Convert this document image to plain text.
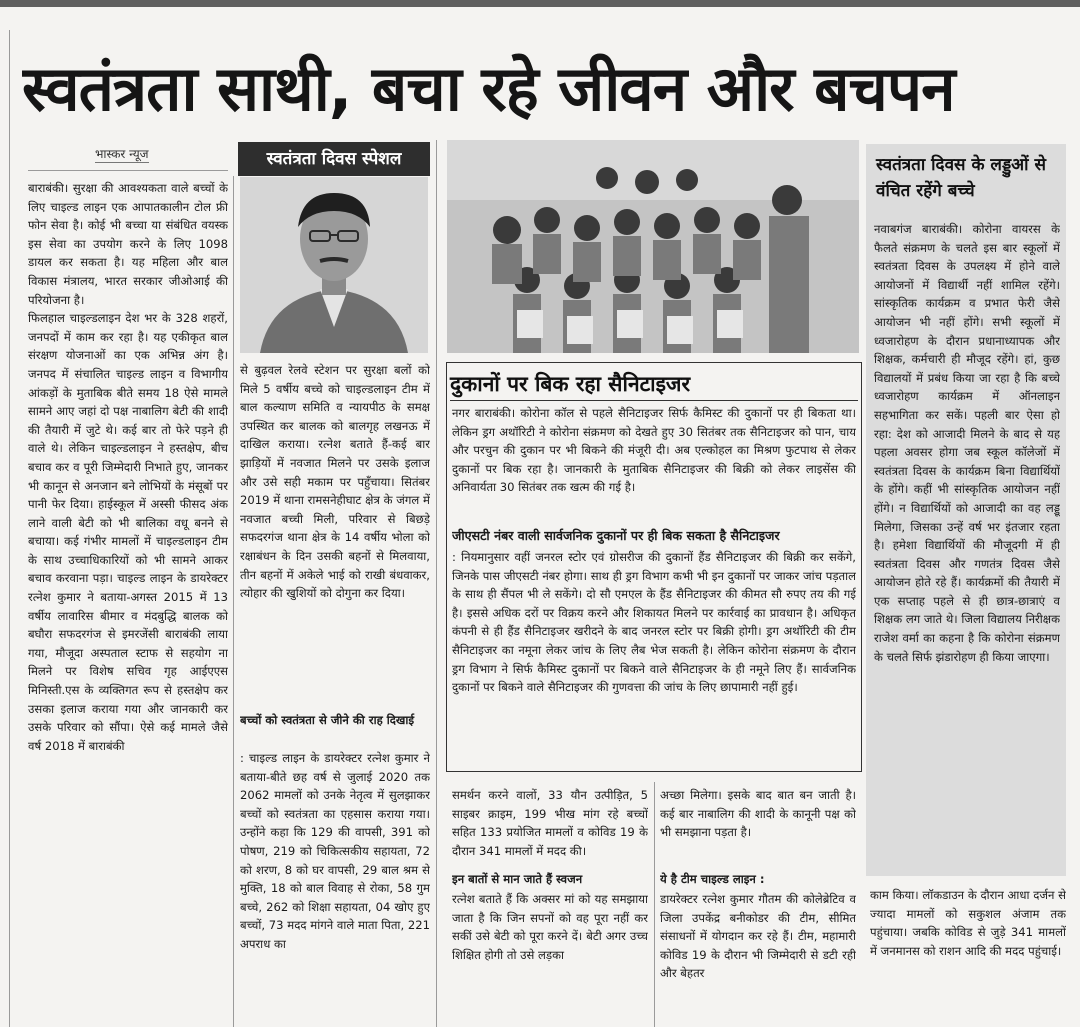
स्वतंत्रता साथी, बचा रहे जीवन और बचपन
भास्कर न्यूज
बाराबंकी। सुरक्षा की आवश्यकता वाले बच्चों के लिए चाइल्ड लाइन एक आपातकालीन टोल फ्री फोन सेवा है। कोई भी बच्चा या संबंधित वयस्क इस सेवा का उपयोग करने के लिए 1098 डायल कर सकता है। यह महिला और बाल विकास मंत्रालय, भारत सरकार जीओआई की परियोजना है।
फिलहाल चाइल्डलाइन देश भर के 328 शहरों, जनपदों में काम कर रहा है। यह एकीकृत बाल संरक्षण योजनाओं का एक अभिन्न अंग है। जनपद में संचालित चाइल्ड लाइन व विभागीय आंकड़ों के मुताबिक बीते समय 18 ऐसे मामले सामने आए जहां दो पक्ष नाबालिग बेटी की शादी की तैयारी में जुटे थे। कई बार तो फेरे पड़ने ही वाले थे। लेकिन चाइल्डलाइन ने हस्तक्षेप, बीच बचाव कर व पूरी जिम्मेदारी निभाते हुए, जानकर भी कानून से अनजान बने लोभियों के मंसूबों पर पानी फेर दिया। हाईस्कूल में अस्सी फीसद अंक लाने वाली बेटी को भी बालिका वधू बनने से बचाया। कई गंभीर मामलों में चाइल्डलाइन टीम के साथ उच्चाधिकारियों को भी सामने आकर बचाव करवाना पड़ा। चाइल्ड लाइन के डायरेक्टर रत्नेश कुमार ने बताया-अगस्त 2015 में 13 वर्षीय लावारिस बीमार व मंदबुद्धि बालक को बघौरा सफदरगंज से इमरजेंसी बाराबंकी लाया गया, मौजूदा अस्पताल स्टाफ से सहयोग ना मिलने पर विशेष सचिव गृह आईएएस मिनिस्ती.एस के व्यक्तिगत रूप से हस्तक्षेप कर उसका इलाज कराया गया और जानकारी कर उसके परिवार को सौंपा। ऐसे कई मामले जैसे वर्ष 2018 में बाराबंकी
स्वतंत्रता दिवस स्पेशल
से बुढ़वल रेलवे स्टेशन पर सुरक्षा बलों को मिले 5 वर्षीय बच्चे को चाइल्डलाइन टीम में बाल कल्याण समिति व न्यायपीठ के समक्ष उपस्थित कर बालक को बालगृह लखनऊ में दाखिल कराया। रत्नेश बताते हैं-कई बार झाड़ियों में नवजात मिलने पर उसके इलाज और उसे सही मकाम पर पहुँचाया। सितंबर 2019 में थाना रामसनेहीघाट क्षेत्र के जंगल में नवजात बच्ची मिली, परिवार से बिछड़े सफदरगंज थाना क्षेत्र के 14 वर्षीय भोला को रक्षाबंधन के दिन उसकी बहनों से मिलवाया, तीन बहनों में अकेले भाई को राखी बंधवाकर, त्योहार की खुशियों को दोगुना कर दिया।
बच्चों को स्वतंत्रता से जीने की राह दिखाई
: चाइल्ड लाइन के डायरेक्टर रत्नेश कुमार ने बताया-बीते छह वर्ष से जुलाई 2020 तक 2062 मामलों को उनके नेतृत्व में सुलझाकर बच्चों को स्वतंत्रता का एहसास कराया गया। उन्होंने कहा कि 129 की वापसी, 391 को पोषण, 219 को चिकित्सकीय सहायता, 72 को शरण, 8 को घर वापसी, 29 बाल श्रम से मुक्ति, 18 को बाल विवाह से रोका, 58 गुम बच्चे, 262 को शिक्षा सहायता, 04 खोए हुए बच्चों, 73 मदद मांगने वाले माता पिता, 221 अपराध का
दुकानों पर बिक रहा सैनिटाइजर
नगर बाराबंकी। कोरोना कॉल से पहले सैनिटाइजर सिर्फ कैमिस्ट की दुकानों पर ही बिकता था। लेकिन ड्रग अथॉरिटी ने कोरोना संक्रमण को देखते हुए 30 सितंबर तक सैनिटाइजर को पान, चाय और परचुन की दुकान पर भी बिकने की मंजूरी दी। अब एल्कोहल का मिश्रण फुटपाथ से लेकर दुकानों पर बिक रहा है। जानकारी के मुताबिक सैनिटाइजर की बिक्री को लेकर लाइसेंस की अनिवार्यता 30 सितंबर तक खत्म की गई है।
जीएसटी नंबर वाली सार्वजनिक दुकानों पर ही बिक सकता है सैनिटाइजर
: नियमानुसार वहीं जनरल स्टोर एवं ग्रोसरीज की दुकानों हैंड सैनिटाइजर की बिक्री कर सकेंगे, जिनके पास जीएसटी नंबर होगा। साथ ही ड्रग विभाग कभी भी इन दुकानों पर जाकर जांच पड़ताल के साथ ही सैंपल भी ले सकेंगे। दो सौ एमएल के हैंड सैनिटाइजर की कीमत सौ रुपए तय की गई है। इससे अधिक दरों पर विक्रय करने और शिकायत मिलने पर कार्रवाई का प्रावधान है। अधिकृत कंपनी से ही हैंड सैनिटाइजर खरीदने के बाद जनरल स्टोर पर बिक्री होगी। ड्रग अथॉरिटी की टीम सैनिटाइजर का नमूना लेकर जांच के लिए लैब भेज सकती है। लेकिन कोरोना संक्रमण के दौरान ड्रग विभाग ने सिर्फ कैमिस्ट दुकानों पर बिकने वाले सैनिटाइजर के ही नमूने लिए हैं। सार्वजनिक दुकानों पर बिकने वाले सैनिटाइजर की गुणवत्ता की जांच के लिए छापामारी नहीं हुई।
समर्थन करने वालों, 33 यौन उत्पीड़ित, 5 साइबर क्राइम, 199 भीख मांग रहे बच्चों सहित 133 प्रयोजित मामलों व कोविड 19 के दौरान 341 मामलों में मदद की।
इन बातों से मान जाते हैं स्वजन
रत्नेश बताते हैं कि अक्सर मां को यह समझाया जाता है कि जिन सपनों को वह पूरा नहीं कर सकीं उसे बेटी को पूरा करने दें। बेटी अगर उच्च शिक्षित होगी तो उसे लड़का
अच्छा मिलेगा। इसके बाद बात बन जाती है। कई बार नाबालिग की शादी के कानूनी पक्ष को भी समझाना पड़ता है।
ये है टीम चाइल्ड लाइन :
डायरेक्टर रत्नेश कुमार गौतम की कोलेब्रेटिव व जिला उपकेंद्र बनीकोडर की टीम, सीमित संसाधनों में योगदान कर रहे हैं। टीम, महामारी कोविड 19 के दौरान भी जिम्मेदारी से डटी रही और बेहतर
स्वतंत्रता दिवस के लड्डुओं से वंचित रहेंगे बच्चे
नवाबगंज बाराबंकी। कोरोना वायरस के फैलते संक्रमण के चलते इस बार स्कूलों में स्वतंत्रता दिवस के उपलक्ष्य में होने वाले आयोजनों में विद्यार्थी नहीं शामिल रहेंगे। सांस्कृतिक कार्यक्रम व प्रभात फेरी जैसे आयोजन भी नहीं होंगे। सभी स्कूलों में ध्वजारोहण के दौरान प्रधानाध्यापक और शिक्षक, कर्मचारी ही मौजूद रहेंगे। हां, कुछ विद्यालयों में प्रबंध किया जा रहा है कि बच्चे ध्वजारोहण कार्यक्रम में ऑनलाइन सहभागिता कर सकें। पहली बार ऐसा हो रहा: देश को आजादी मिलने के बाद से यह पहला अवसर होगा जब स्कूल कॉलेजों में स्वतंत्रता दिवस के कार्यक्रम बिना विद्यार्थियों के होंगे। कहीं भी सांस्कृतिक आयोजन नहीं होंगे। न विद्यार्थियों को आजादी का वह लड्डू मिलेगा, जिसका उन्हें वर्ष भर इंतजार रहता है। हमेशा विद्यार्थियों की मौजूदगी में ही स्वतंत्रता दिवस और गणतंत्र दिवस जैसे आयोजन होते रहे हैं। कार्यक्रमों की तैयारी में एक सप्ताह पहले से ही छात्र-छात्राएं व शिक्षक लग जाते थे। जिला विद्यालय निरीक्षक राजेश वर्मा का कहना है कि कोरोना संक्रमण के चलते सिर्फ झंडारोहण ही किया जाएगा।
काम किया। लॉकडाउन के दौरान आधा दर्जन से ज्यादा मामलों को सकुशल अंजाम तक पहुंचाया। जबकि कोविड से जुड़े 341 मामलों में जनमानस को राशन आदि की मदद पहुंचाई।
